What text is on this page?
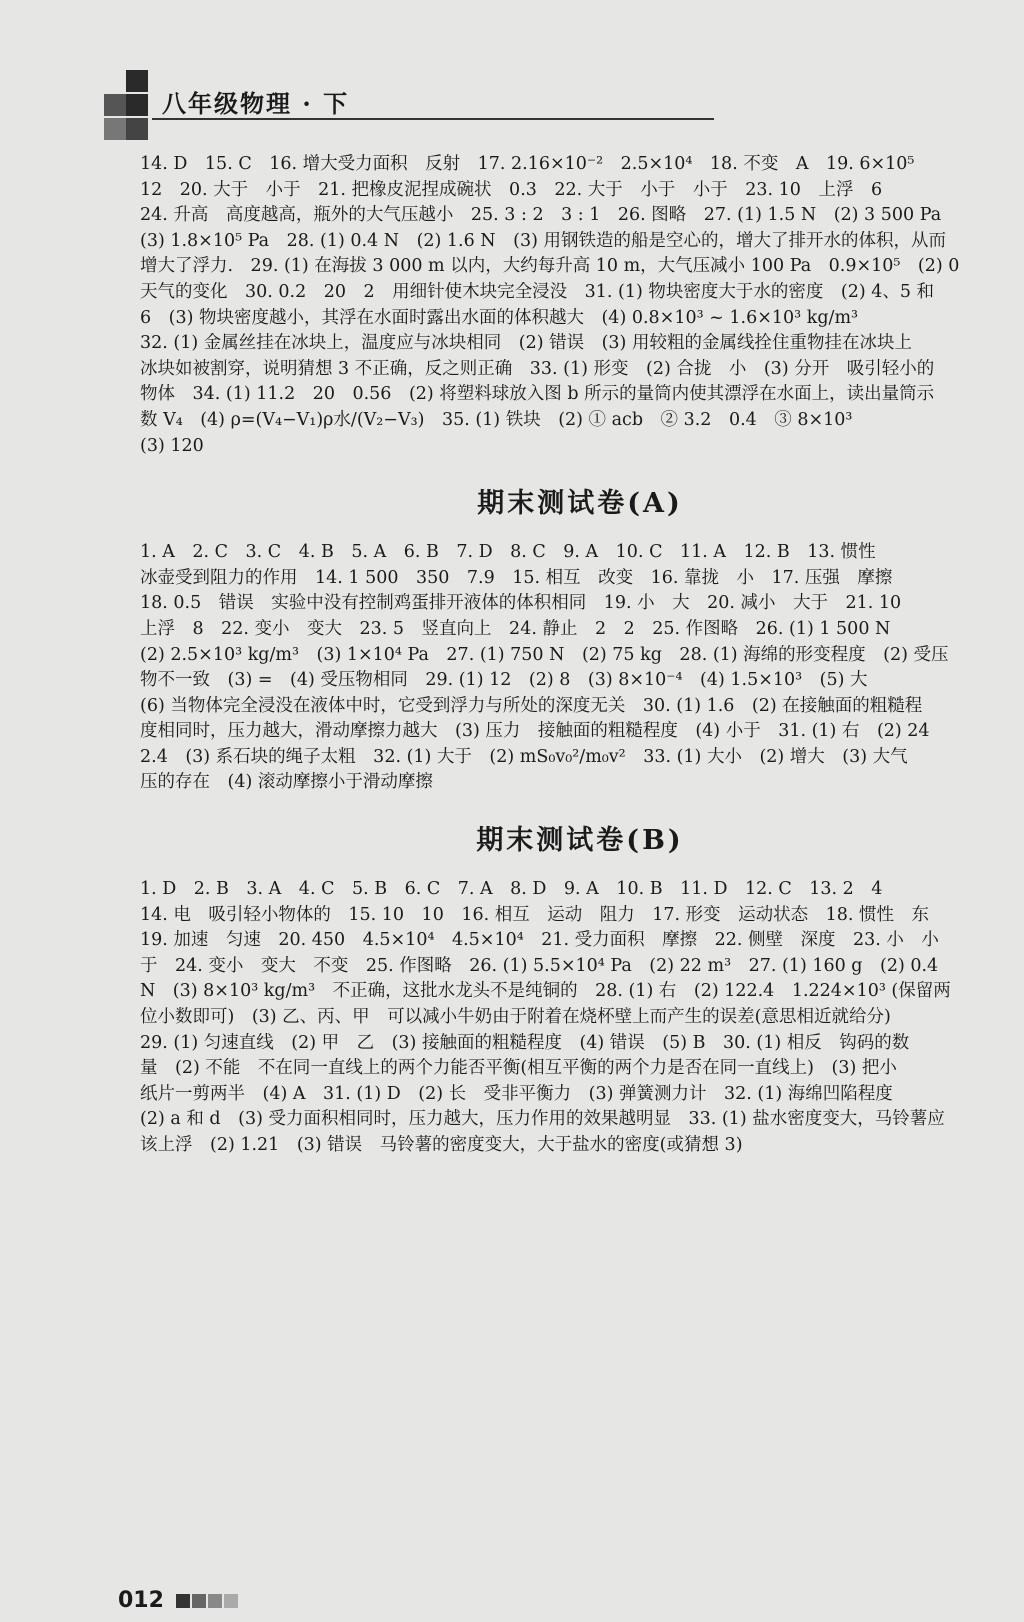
八年级物理 · 下
14. D　15. C　16. 增大受力面积　反射　17. 2.16×10⁻²　2.5×10⁴　18. 不变　A　19. 6×10⁵
12　20. 大于　小于　21. 把橡皮泥捏成碗状　0.3　22. 大于　小于　小于　23. 10　上浮　6
24. 升高　高度越高，瓶外的大气压越小　25. 3 : 2　3 : 1　26. 图略　27. (1) 1.5 N　(2) 3 500 Pa
(3) 1.8×10⁵ Pa　28. (1) 0.4 N　(2) 1.6 N　(3) 用钢铁造的船是空心的，增大了排开水的体积，从而
增大了浮力.　29. (1) 在海拔 3 000 m 以内，大约每升高 10 m，大气压减小 100 Pa　0.9×10⁵　(2) 0
天气的变化　30. 0.2　20　2　用细针使木块完全浸没　31. (1) 物块密度大于水的密度　(2) 4、5 和
6　(3) 物块密度越小，其浮在水面时露出水面的体积越大　(4) 0.8×10³ ~ 1.6×10³ kg/m³
32. (1) 金属丝挂在冰块上，温度应与冰块相同　(2) 错误　(3) 用较粗的金属线拴住重物挂在冰块上
冰块如被割穿，说明猜想 3 不正确，反之则正确　33. (1) 形变　(2) 合拢　小　(3) 分开　吸引轻小的
物体　34. (1) 11.2　20　0.56　(2) 将塑料球放入图 b 所示的量筒内使其漂浮在水面上，读出量筒示
数 V₄　(4) ρ=(V₄−V₁)ρ水/(V₂−V₃)　35. (1) 铁块　(2) ① acb　② 3.2　0.4　③ 8×10³
(3) 120
期末测试卷(A)
1. A　2. C　3. C　4. B　5. A　6. B　7. D　8. C　9. A　10. C　11. A　12. B　13. 惯性
冰壶受到阻力的作用　14. 1 500　350　7.9　15. 相互　改变　16. 靠拢　小　17. 压强　摩擦
18. 0.5　错误　实验中没有控制鸡蛋排开液体的体积相同　19. 小　大　20. 减小　大于　21. 10
上浮　8　22. 变小　变大　23. 5　竖直向上　24. 静止　2　2　25. 作图略　26. (1) 1 500 N
(2) 2.5×10³ kg/m³　(3) 1×10⁴ Pa　27. (1) 750 N　(2) 75 kg　28. (1) 海绵的形变程度　(2) 受压
物不一致　(3) =　(4) 受压物相同　29. (1) 12　(2) 8　(3) 8×10⁻⁴　(4) 1.5×10³　(5) 大
(6) 当物体完全浸没在液体中时，它受到浮力与所处的深度无关　30. (1) 1.6　(2) 在接触面的粗糙程
度相同时，压力越大，滑动摩擦力越大　(3) 压力　接触面的粗糙程度　(4) 小于　31. (1) 右　(2) 24
2.4　(3) 系石块的绳子太粗　32. (1) 大于　(2) mS₀v₀²/m₀v²　33. (1) 大小　(2) 增大　(3) 大气
压的存在　(4) 滚动摩擦小于滑动摩擦
期末测试卷(B)
1. D　2. B　3. A　4. C　5. B　6. C　7. A　8. D　9. A　10. B　11. D　12. C　13. 2　4
14. 电　吸引轻小物体的　15. 10　10　16. 相互　运动　阻力　17. 形变　运动状态　18. 惯性　东
19. 加速　匀速　20. 450　4.5×10⁴　4.5×10⁴　21. 受力面积　摩擦　22. 侧壁　深度　23. 小　小
于　24. 变小　变大　不变　25. 作图略　26. (1) 5.5×10⁴ Pa　(2) 22 m³　27. (1) 160 g　(2) 0.4
N　(3) 8×10³ kg/m³　不正确，这批水龙头不是纯铜的　28. (1) 右　(2) 122.4　1.224×10³ (保留两
位小数即可)　(3) 乙、丙、甲　可以减小牛奶由于附着在烧杯壁上而产生的误差(意思相近就给分)
29. (1) 匀速直线　(2) 甲　乙　(3) 接触面的粗糙程度　(4) 错误　(5) B　30. (1) 相反　钩码的数
量　(2) 不能　不在同一直线上的两个力能否平衡(相互平衡的两个力是否在同一直线上)　(3) 把小
纸片一剪两半　(4) A　31. (1) D　(2) 长　受非平衡力　(3) 弹簧测力计　32. (1) 海绵凹陷程度
(2) a 和 d　(3) 受力面积相同时，压力越大，压力作用的效果越明显　33. (1) 盐水密度变大，马铃薯应
该上浮　(2) 1.21　(3) 错误　马铃薯的密度变大，大于盐水的密度(或猜想 3)
012
